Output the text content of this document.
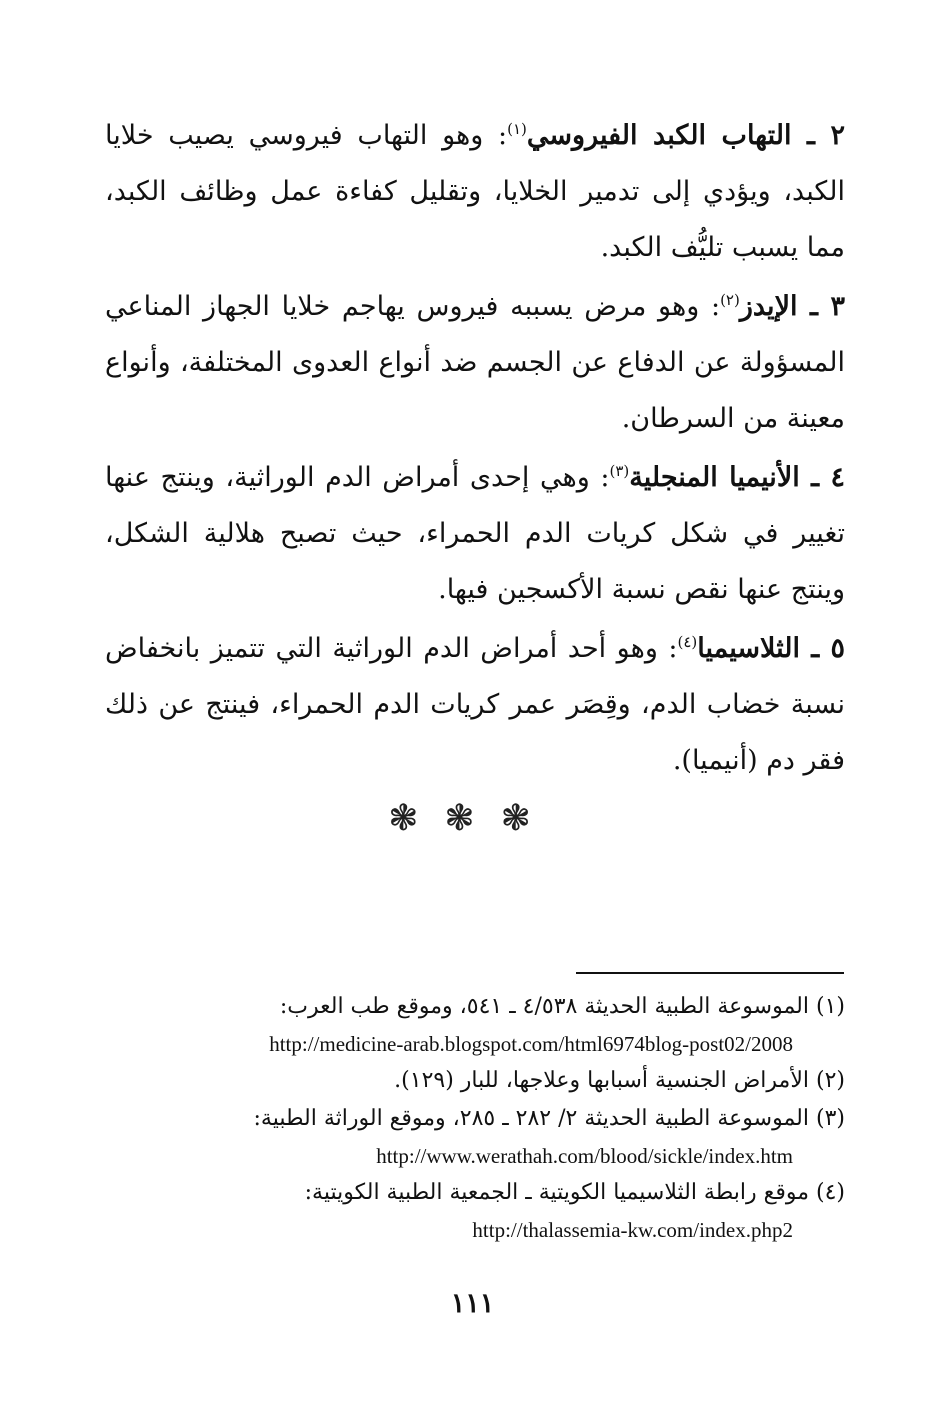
٢ ـ التهاب الكبد الفيروسي$^{(١)}$: وهو التهاب فيروسي يصيب خلايا الكبد، ويؤدي إلى تدمير الخلايا، وتقليل كفاءة عمل وظائف الكبد، مما يسبب تليُّف الكبد.

٣ ـ الإيدز$^{(٢)}$: وهو مرض يسببه فيروس يهاجم خلايا الجهاز المناعي المسؤولة عن الدفاع عن الجسم ضد أنواع العدوى المختلفة، وأنواع معينة من السرطان.

٤ ـ الأنيميا المنجلية$^{(٣)}$: وهي إحدى أمراض الدم الوراثية، وينتج عنها تغيير في شكل كريات الدم الحمراء، حيث تصبح هلالية الشكل، وينتج عنها نقص نسبة الأكسجين فيها.

٥ ـ الثلاسيميا$^{(٤)}$: وهو أحد أمراض الدم الوراثية التي تتميز بانخفاض نسبة خضاب الدم، وقِصَر عمر كريات الدم الحمراء، فينتج عن ذلك فقر دم (أنيميا).

❃❃❃
(١) الموسوعة الطبية الحديثة ٤/٥٣٨ ـ ٥٤١، وموقع طب العرب:
http://medicine-arab.blogspot.com/html6974blog-post02/2008
(٢) الأمراض الجنسية أسبابها وعلاجها، للبار (١٢٩).
(٣) الموسوعة الطبية الحديثة ٢/ ٢٨٢ ـ ٢٨٥، وموقع الوراثة الطبية:
http://www.werathah.com/blood/sickle/index.htm
(٤) موقع رابطة الثلاسيميا الكويتية ـ الجمعية الطبية الكويتية:
http://thalassemia-kw.com/index.php2
١١١
